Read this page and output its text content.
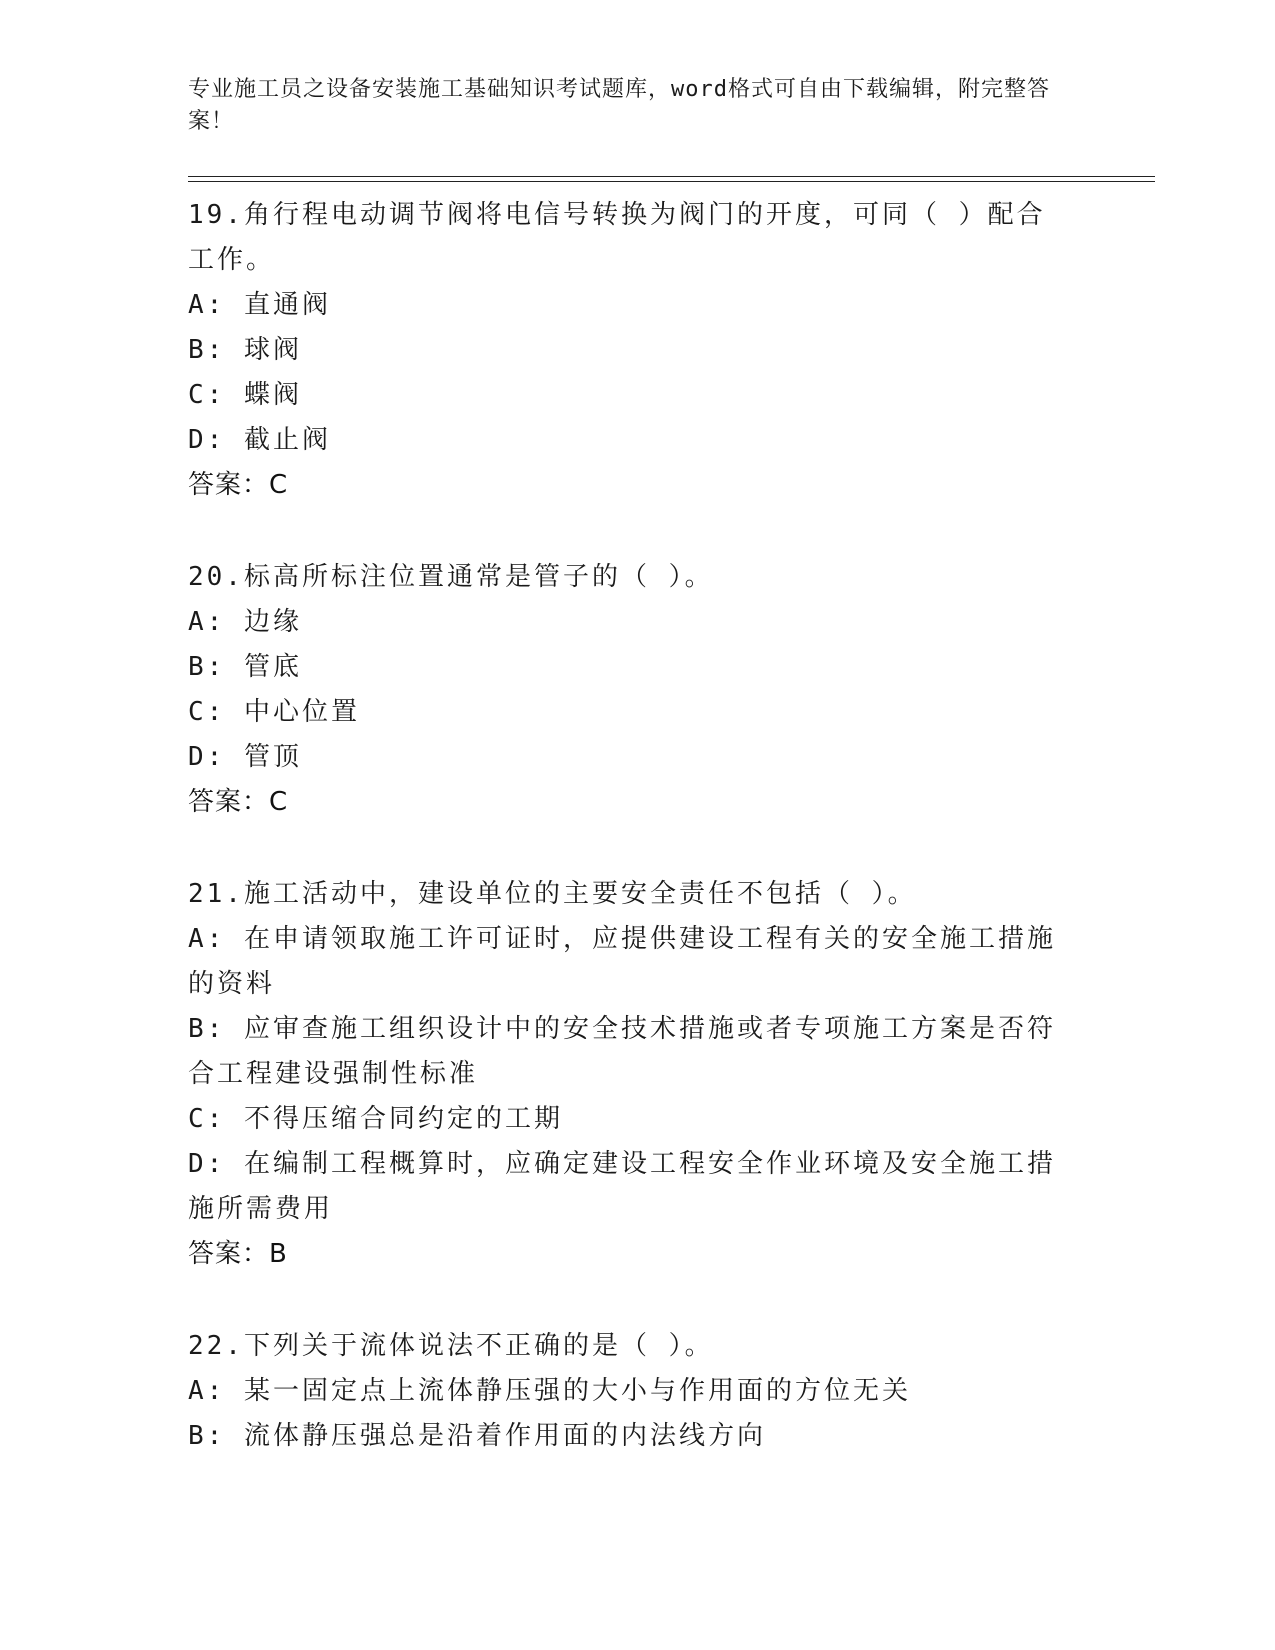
专业施工员之设备安装施工基础知识考试题库，word格式可自由下载编辑，附完整答案！
19.角行程电动调节阀将电信号转换为阀门的开度，可同（ ）配合工作。
A: 直通阀
B: 球阀
C: 蝶阀
D: 截止阀
答案：C
20.标高所标注位置通常是管子的（ ）。
A: 边缘
B: 管底
C: 中心位置
D: 管顶
答案：C
21.施工活动中，建设单位的主要安全责任不包括（ ）。
A: 在申请领取施工许可证时，应提供建设工程有关的安全施工措施的资料
B: 应审查施工组织设计中的安全技术措施或者专项施工方案是否符合工程建设强制性标准
C: 不得压缩合同约定的工期
D: 在编制工程概算时，应确定建设工程安全作业环境及安全施工措施所需费用
答案：B
22.下列关于流体说法不正确的是（ ）。
A: 某一固定点上流体静压强的大小与作用面的方位无关
B: 流体静压强总是沿着作用面的内法线方向
